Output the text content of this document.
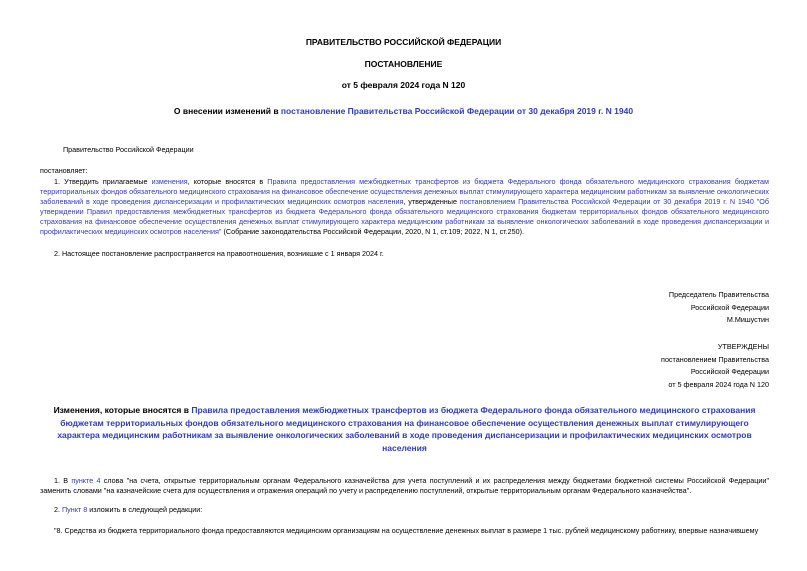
ПРАВИТЕЛЬСТВО РОССИЙСКОЙ ФЕДЕРАЦИИ
ПОСТАНОВЛЕНИЕ
от 5 февраля 2024 года N 120
О внесении изменений в постановление Правительства Российской Федерации от 30 декабря 2019 г. N 1940
Правительство Российской Федерации
постановляет:
1. Утвердить прилагаемые изменения, которые вносятся в Правила предоставления межбюджетных трансфертов из бюджета Федерального фонда обязательного медицинского страхования бюджетам территориальных фондов обязательного медицинского страхования на финансовое обеспечение осуществления денежных выплат стимулирующего характера медицинским работникам за выявление онкологических заболеваний в ходе проведения диспансеризации и профилактических медицинских осмотров населения, утвержденные постановлением Правительства Российской Федерации от 30 декабря 2019 г. N 1940 "Об утверждении Правил предоставления межбюджетных трансфертов из бюджета Федерального фонда обязательного медицинского страхования бюджетам территориальных фондов обязательного медицинского страхования на финансовое обеспечение осуществления денежных выплат стимулирующего характера медицинским работникам за выявление онкологических заболеваний в ходе проведения диспансеризации и профилактических медицинских осмотров населения" (Собрание законодательства Российской Федерации, 2020, N 1, ст.109; 2022, N 1, ст.250).
2. Настоящее постановление распространяется на правоотношения, возникшие с 1 января 2024 г.
Председатель Правительства
Российской Федерации
М.Мишустин
УТВЕРЖДЕНЫ
постановлением Правительства
Российской Федерации
от 5 февраля 2024 года N 120
Изменения, которые вносятся в Правила предоставления межбюджетных трансфертов из бюджета Федерального фонда обязательного медицинского страхования бюджетам территориальных фондов обязательного медицинского страхования на финансовое обеспечение осуществления денежных выплат стимулирующего характера медицинским работникам за выявление онкологических заболеваний в ходе проведения диспансеризации и профилактических медицинских осмотров населения
1. В пункте 4 слова "на счета, открытые территориальным органам Федерального казначейства для учета поступлений и их распределения между бюджетами бюджетной системы Российской Федерации" заменить словами "на казначейские счета для осуществления и отражения операций по учету и распределению поступлений, открытые территориальным органам Федерального казначейства".
2. Пункт 8 изложить в следующей редакции:
"8. Средства из бюджета территориального фонда предоставляются медицинским организациям на осуществление денежных выплат в размере 1 тыс. рублей медицинскому работнику, впервые назначившему
